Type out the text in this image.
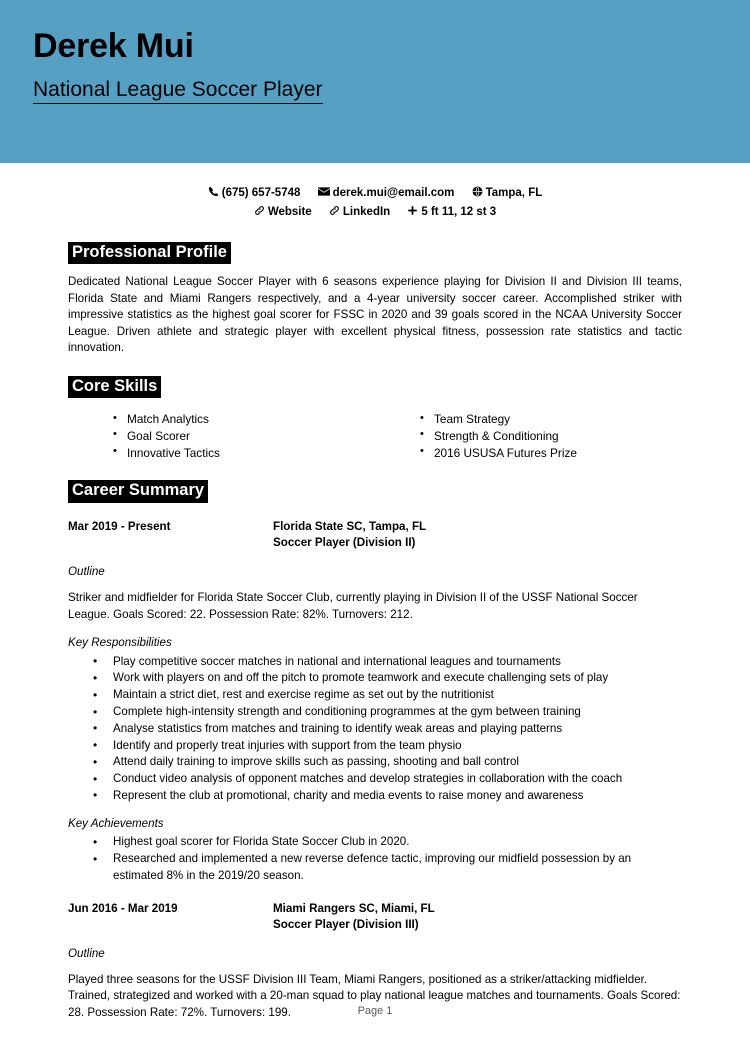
Derek Mui
National League Soccer Player
(675) 657-5748	derek.mui@email.com	Tampa, FL
Website	LinkedIn	5 ft 11, 12 st 3
Professional Profile

Dedicated National League Soccer Player with 6 seasons experience playing for Division II and Division III teams, Florida State and Miami Rangers respectively, and a 4-year university soccer career. Accomplished striker with impressive statistics as the highest goal scorer for FSSC in 2020 and 39 goals scored in the NCAA University Soccer League. Driven athlete and strategic player with excellent physical fitness, possession rate statistics and tactic innovation.

Core Skills
• Match Analytics
• Goal Scorer
• Innovative Tactics
• Team Strategy
• Strength & Conditioning
• 2016 USUSA Futures Prize
Career Summary
Mar 2019 - Present	Florida State SC, Tampa, FL
Soccer Player (Division II)
Outline

Striker and midfielder for Florida State Soccer Club, currently playing in Division II of the USSF National Soccer League. Goals Scored: 22. Possession Rate: 82%. Turnovers: 212.

Key Responsibilities
• Play competitive soccer matches in national and international leagues and tournaments
• Work with players on and off the pitch to promote teamwork and execute challenging sets of play
• Maintain a strict diet, rest and exercise regime as set out by the nutritionist
• Complete high-intensity strength and conditioning programmes at the gym between training
• Analyse statistics from matches and training to identify weak areas and playing patterns
• Identify and properly treat injuries with support from the team physio
• Attend daily training to improve skills such as passing, shooting and ball control
• Conduct video analysis of opponent matches and develop strategies in collaboration with the coach
• Represent the club at promotional, charity and media events to raise money and awareness
Key Achievements
• Highest goal scorer for Florida State Soccer Club in 2020.
• Researched and implemented a new reverse defence tactic, improving our midfield possession by an estimated 8% in the 2019/20 season.
Jun 2016 - Mar 2019	Miami Rangers SC, Miami, FL
Soccer Player (Division III)
Outline

Played three seasons for the USSF Division III Team, Miami Rangers, positioned as a striker/attacking midfielder. Trained, strategized and worked with a 20-man squad to play national league matches and tournaments. Goals Scored: 28. Possession Rate: 72%. Turnovers: 199.	Page 1
